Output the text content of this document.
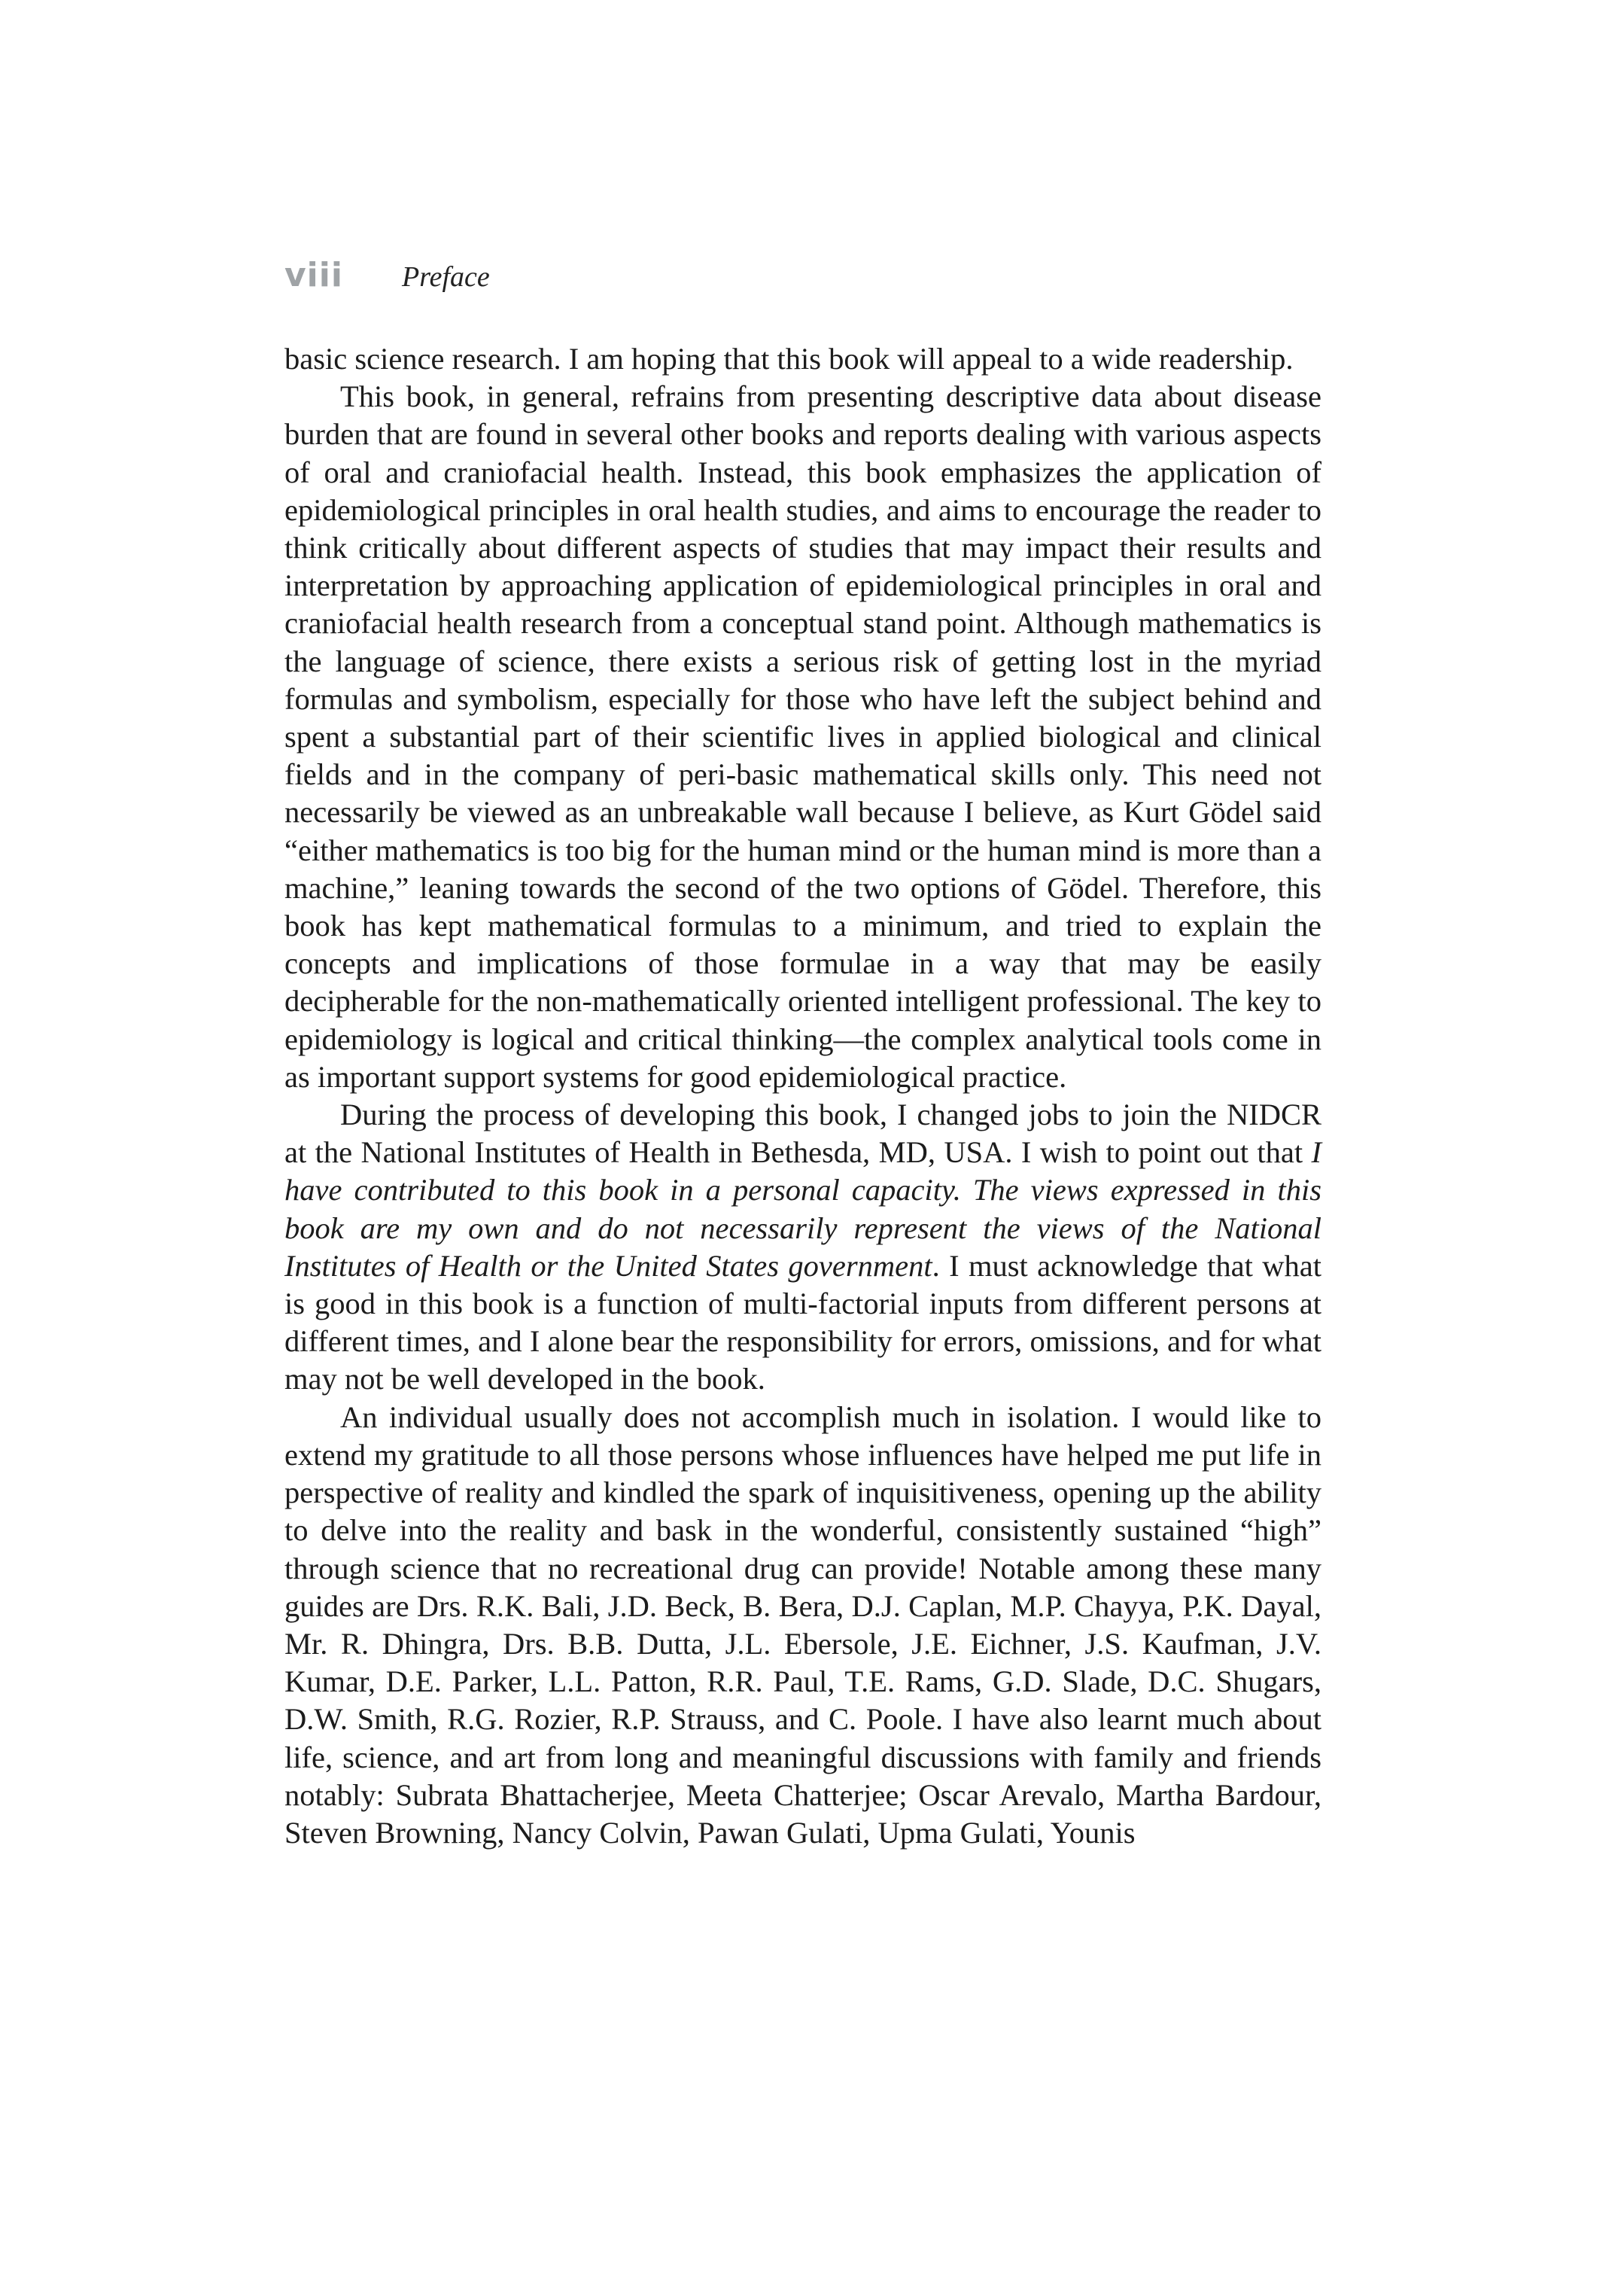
viii	Preface

basic science research. I am hoping that this book will appeal to a wide readership.

This book, in general, refrains from presenting descriptive data about disease burden that are found in several other books and reports dealing with various aspects of oral and craniofacial health. Instead, this book emphasizes the application of epidemiological principles in oral health studies, and aims to encourage the reader to think critically about different aspects of studies that may impact their results and interpretation by approaching application of epidemiological principles in oral and craniofacial health research from a conceptual stand point. Although mathematics is the language of science, there exists a serious risk of getting lost in the myriad formulas and symbolism, especially for those who have left the subject behind and spent a substantial part of their scientific lives in applied biological and clinical fields and in the company of peri-basic mathematical skills only. This need not necessarily be viewed as an unbreakable wall because I believe, as Kurt Gödel said “either mathematics is too big for the human mind or the human mind is more than a machine,” leaning towards the second of the two options of Gödel. Therefore, this book has kept mathematical formulas to a minimum, and tried to explain the concepts and implications of those formulae in a way that may be easily decipherable for the non-mathematically oriented intelligent professional. The key to epidemiology is logical and critical thinking—the complex analytical tools come in as important support systems for good epidemiological practice.

During the process of developing this book, I changed jobs to join the NIDCR at the National Institutes of Health in Bethesda, MD, USA. I wish to point out that I have contributed to this book in a personal capacity. The views expressed in this book are my own and do not necessarily represent the views of the National Institutes of Health or the United States government. I must acknowledge that what is good in this book is a function of multi-factorial inputs from different persons at different times, and I alone bear the responsibility for errors, omissions, and for what may not be well developed in the book.

An individual usually does not accomplish much in isolation. I would like to extend my gratitude to all those persons whose influences have helped me put life in perspective of reality and kindled the spark of inquisitiveness, opening up the ability to delve into the reality and bask in the wonderful, consistently sustained “high” through science that no recreational drug can provide! Notable among these many guides are Drs. R.K. Bali, J.D. Beck, B. Bera, D.J. Caplan, M.P. Chayya, P.K. Dayal, Mr. R. Dhingra, Drs. B.B. Dutta, J.L. Ebersole, J.E. Eichner, J.S. Kaufman, J.V. Kumar, D.E. Parker, L.L. Patton, R.R. Paul, T.E. Rams, G.D. Slade, D.C. Shugars, D.W. Smith, R.G. Rozier, R.P. Strauss, and C. Poole. I have also learnt much about life, science, and art from long and meaningful discussions with family and friends notably: Subrata Bhattacherjee, Meeta Chatterjee; Oscar Arevalo, Martha Bardour, Steven Browning, Nancy Colvin, Pawan Gulati, Upma Gulati, Younis
